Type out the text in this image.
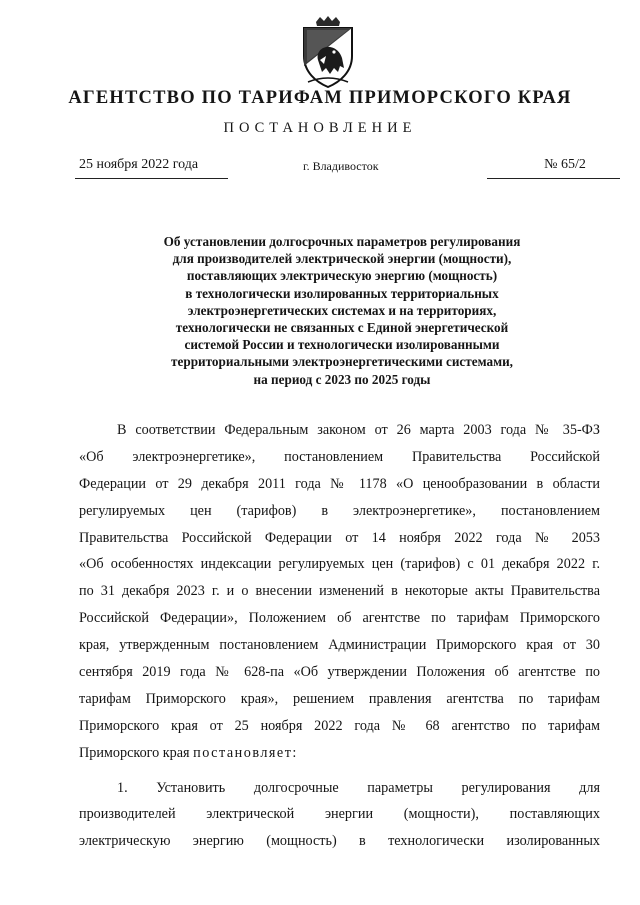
АГЕНТСТВО ПО ТАРИФАМ ПРИМОРСКОГО КРАЯ
ПОСТАНОВЛЕНИЕ
25 ноября 2022 года	г. Владивосток	№ 65/2
Об установлении долгосрочных параметров регулирования
для производителей электрической энергии (мощности),
поставляющих электрическую энергию (мощность)
в технологически изолированных территориальных
электроэнергетических системах и на территориях,
технологически не связанных с Единой энергетической
системой России и технологически изолированными
территориальными электроэнергетическими системами,
на период с 2023 по 2025 годы
В соответствии Федеральным законом от 26 марта 2003 года № 35-ФЗ
«Об электроэнергетике», постановлением Правительства Российской
Федерации от 29 декабря 2011 года № 1178 «О ценообразовании в области
регулируемых цен (тарифов) в электроэнергетике», постановлением
Правительства Российской Федерации от 14 ноября 2022 года № 2053
«Об особенностях индексации регулируемых цен (тарифов) с 01 декабря 2022 г.
по 31 декабря 2023 г. и о внесении изменений в некоторые акты Правительства
Российской Федерации», Положением об агентстве по тарифам Приморского
края, утвержденным постановлением Администрации Приморского края от 30
сентября 2019 года № 628-па «Об утверждении Положения об агентстве по
тарифам Приморского края», решением правления агентства по тарифам
Приморского края от 25 ноября 2022 года № 68 агентство по тарифам
Приморского края постановляет:
1. Установить долгосрочные параметры регулирования для
производителей электрической энергии (мощности), поставляющих
электрическую энергию (мощность) в технологически изолированных
